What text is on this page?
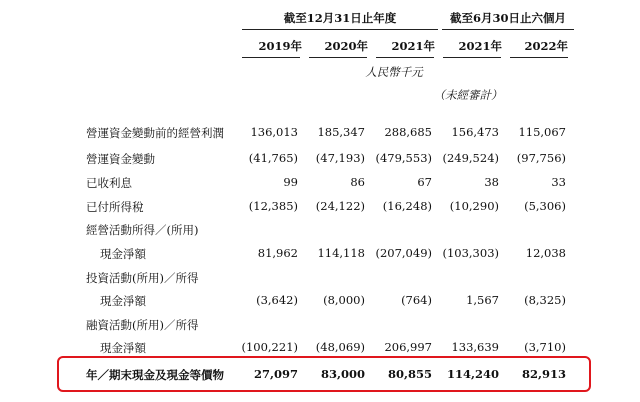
截至12月31日止年度	截至6月30日止六個月
2019年	2020年	2021年	2021年	2022年
人民幣千元
（未經審計）
營運資金變動前的經營利潤	136,013	185,347	288,685	156,473	115,067
營運資金變動	(41,765)	(47,193) (479,553) (249,524)	(97,756)
已收利息	99	86	67	38	33
已付所得稅	(12,385)	(24,122)	(16,248)	(10,290)	(5,306)
經營活動所得／(所用)
現金淨額	81,962	114,118 (207,049) (103,303)	12,038
投資活動(所用)／所得
現金淨額	(3,642)	(8,000)	(764)	1,567	(8,325)
融資活動(所用)／所得
現金淨額	(100,221)	(48,069)	206,997	133,639	(3,710)
年／期末現金及現金等價物	27,097	83,000	80,855	114,240	82,913
